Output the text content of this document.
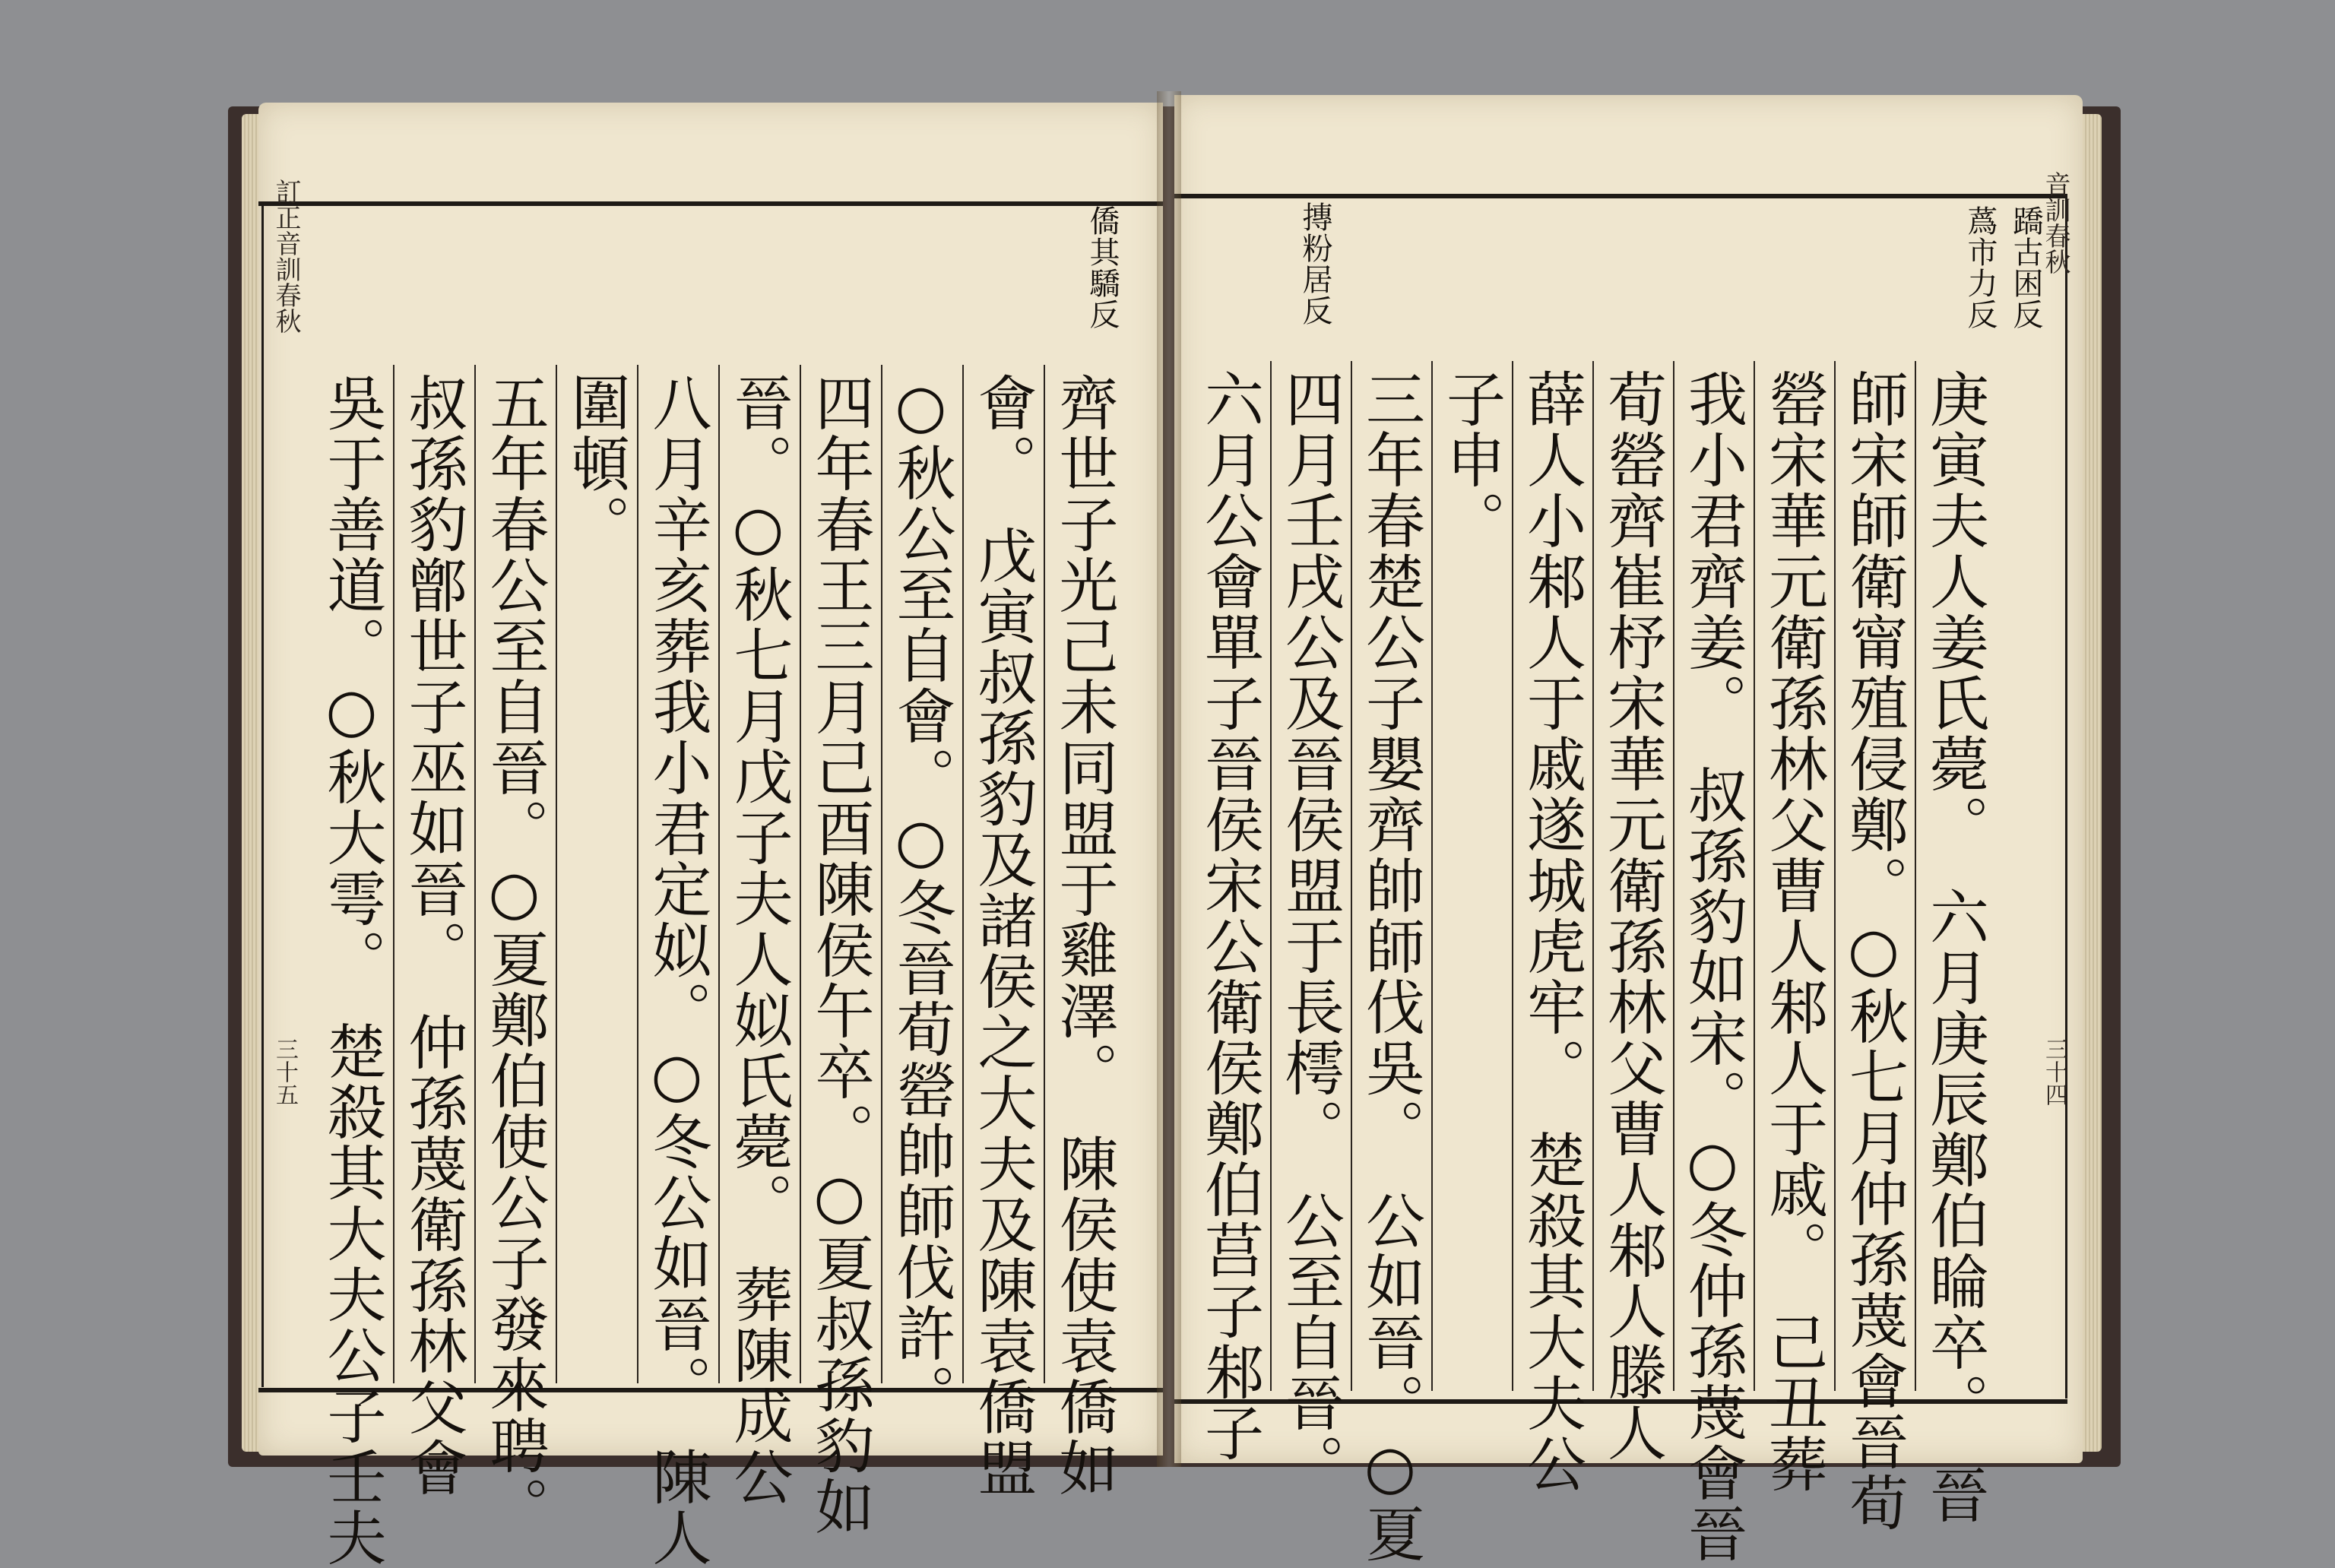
訂正音訓春秋
三十五
僑其驕反
齊世子光己未同盟于雞澤。　陳侯使袁僑如
會。　戊寅叔孫豹及諸侯之大夫及陳袁僑盟
○秋公至自會。○冬晉荀罃帥師伐許。
四年春王三月己酉陳侯午卒。○夏叔孫豹如
晉。○秋七月戊子夫人姒氏薨。　葬陳成公
八月辛亥葬我小君定姒。○冬公如晉。　陳人
圍頓。
五年春公至自晉。○夏鄭伯使公子發來聘。
叔孫豹鄫世子巫如晉。　仲孫蔑衛孫林父會
吳于善道。○秋大雩。　楚殺其大夫公子壬夫
音訓春秋
三十四
蹻古困反
蔿市力反
摶粉居反
庚寅夫人姜氏薨。　六月庚辰鄭伯睔卒。　晉
師宋師衛甯殖侵鄭。○秋七月仲孫蔑會晉荀
罃宋華元衛孫林父曹人邾人于戚。　己丑葬
我小君齊姜。　叔孫豹如宋。○冬仲孫蔑會晉
荀罃齊崔杼宋華元衛孫林父曹人邾人滕人
薛人小邾人于戚遂城虎牢。　楚殺其大夫公
子申。
三年春楚公子嬰齊帥師伐吳。　公如晉。○夏
四月壬戌公及晉侯盟于長樗。　公至自晉。
六月公會單子晉侯宋公衛侯鄭伯莒子邾子
